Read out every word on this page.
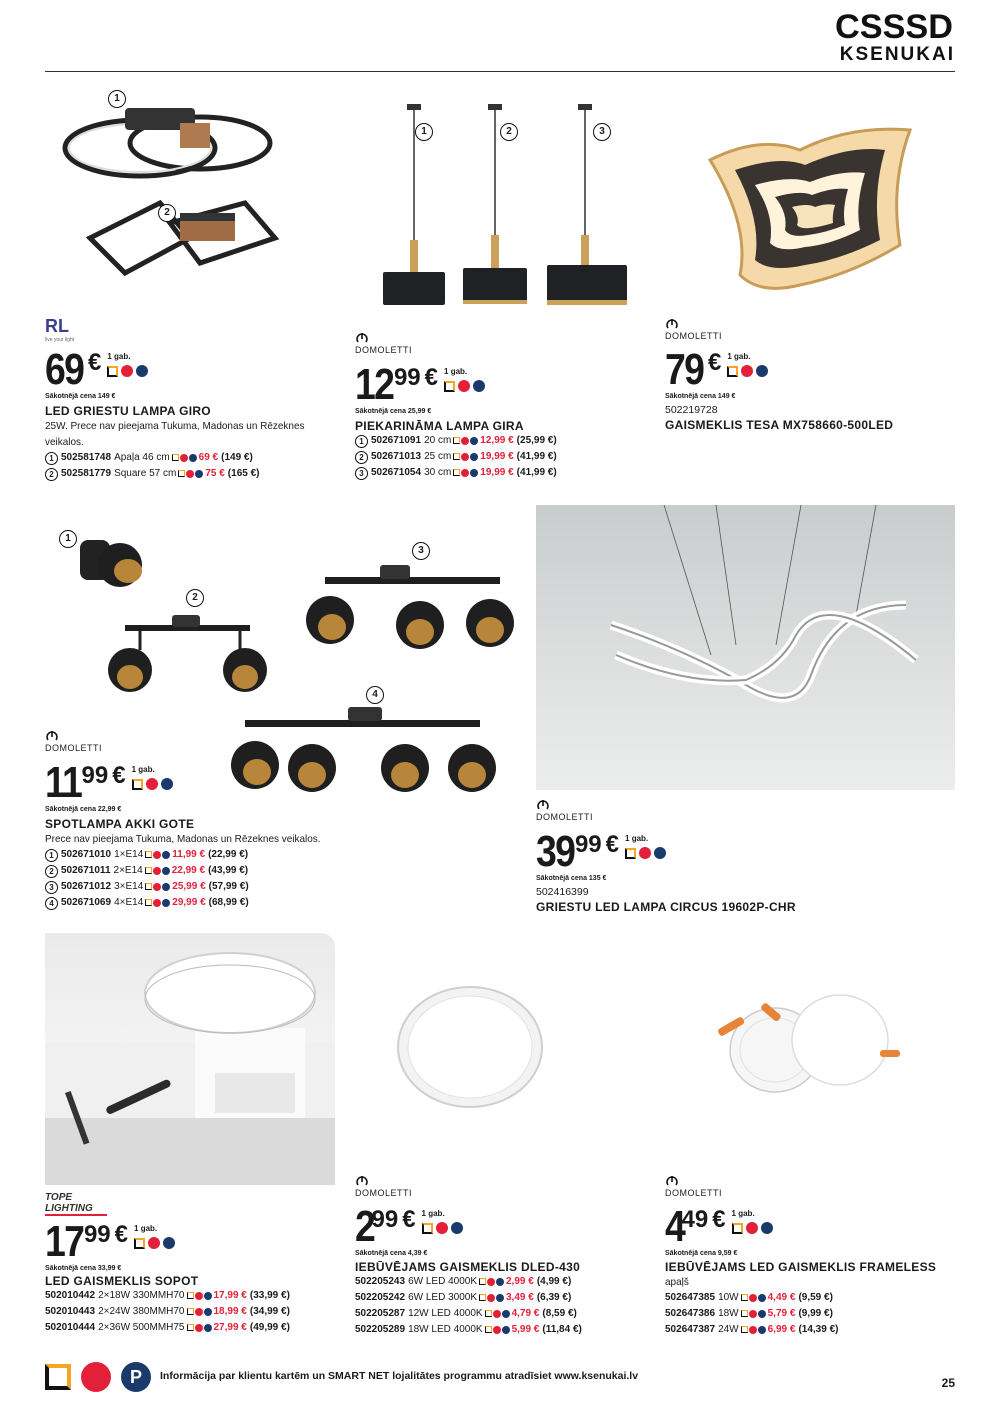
CSSSD
KSENUKAI
1
2
RL
live your light
69 € 1 gab.
Sākotnējā cena 149 €
LED GRIESTU LAMPA GIRO
25W. Prece nav pieejama Tukuma, Madonas un Rēzeknes veikalos.
1 502581748 Apaļa 46 cm	69 € (149 €)
2 502581779 Square 57 cm	75 € (165 €)
1	2	3
DOMOLETTI
12 99 € 1 gab.
Sākotnējā cena 25,99 €
PIEKARINĀMA LAMPA GIRA
1 502671091 20 cm	12,99 € (25,99 €)
2 502671013 25 cm	19,99 € (41,99 €)
3 502671054 30 cm	19,99 € (41,99 €)
DOMOLETTI
79 € 1 gab.
Sākotnējā cena 149 €
502219728
GAISMEKLIS TESA MX758660-500LED
1
2
3
4
DOMOLETTI
11 99 € 1 gab.
Sākotnējā cena 22,99 €
SPOTLAMPA AKKI GOTE
Prece nav pieejama Tukuma, Madonas un Rēzeknes veikalos.
1 502671010 1×E14	11,99 € (22,99 €)
2 502671011 2×E14	22,99 € (43,99 €)
3 502671012 3×E14	25,99 € (57,99 €)
4 502671069 4×E14	29,99 € (68,99 €)
DOMOLETTI
39 99 € 1 gab.
Sākotnējā cena 135 €
502416399
GRIESTU LED LAMPA CIRCUS 19602P-CHR
TOPE LIGHTING
17 99 € 1 gab.
Sākotnējā cena 33,99 €
LED GAISMEKLIS SOPOT
502010442 2×18W 330MMH70	17,99 € (33,99 €)
502010443 2×24W 380MMH70	18,99 € (34,99 €)
502010444 2×36W 500MMH75	27,99 € (49,99 €)
DOMOLETTI
2
99 € 1 gab.
Sākotnējā cena 4,39 €
IEBŪVĒJAMS GAISMEKLIS DLED-430
502205243 6W LED 4000K	2,99 € (4,99 €)
502205242 6W LED 3000K	3,49 € (6,39 €)
502205287 12W LED 4000K	4,79 € (8,59 €)
502205289 18W LED 4000K	5,99 € (11,84 €)
DOMOLETTI
4
49 € 1 gab.
Sākotnējā cena 9,59 €
IEBŪVĒJAMS LED GAISMEKLIS FRAMELESS
apaļš
502647385 10W	4,49 € (9,59 €)
502647386 18W	5,79 € (9,99 €)
502647387 24W	6,99 € (14,39 €)
P	Informācija par klientu kartēm un SMART NET lojalitātes programmu atradīsiet www.ksenukai.lv	25
